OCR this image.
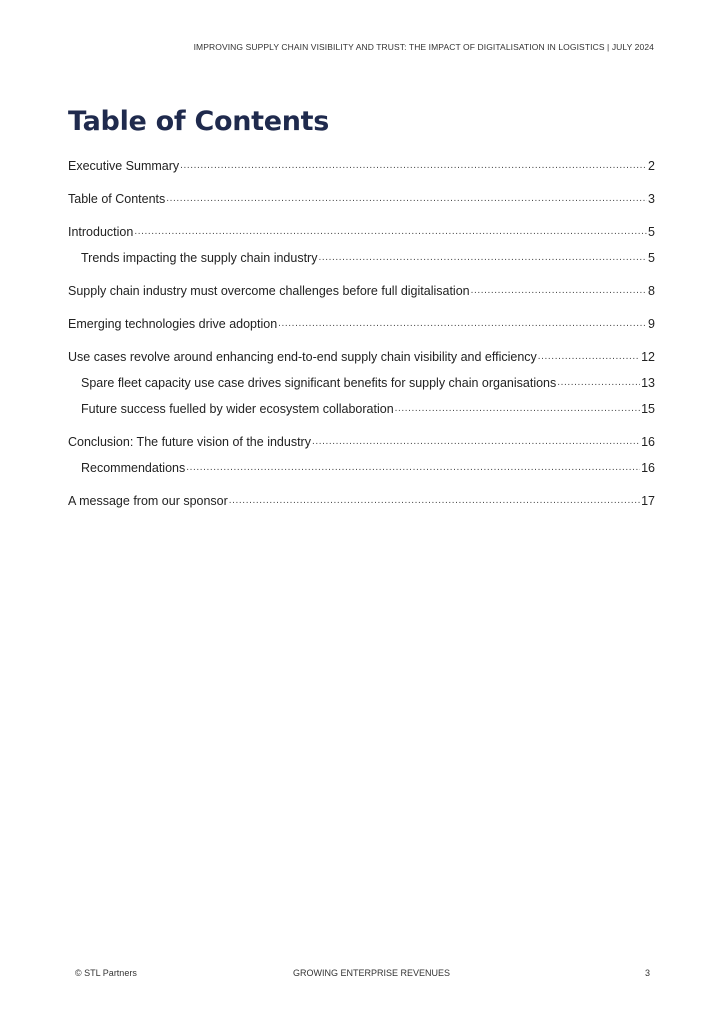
IMPROVING SUPPLY CHAIN VISIBILITY AND TRUST: THE IMPACT OF DIGITALISATION IN LOGISTICS | JULY 2024
Table of Contents
Executive Summary .....	2
Table of Contents .....	3
Introduction .....	5
Trends impacting the supply chain industry .....	5
Supply chain industry must overcome challenges before full digitalisation .....	8
Emerging technologies drive adoption .....	9
Use cases revolve around enhancing end-to-end supply chain visibility and efficiency .....	12
Spare fleet capacity use case drives significant benefits for supply chain organisations .....	13
Future success fuelled by wider ecosystem collaboration .....	15
Conclusion: The future vision of the industry .....	16
Recommendations .....	16
A message from our sponsor .....	17
© STL Partners	GROWING ENTERPRISE REVENUES	3
